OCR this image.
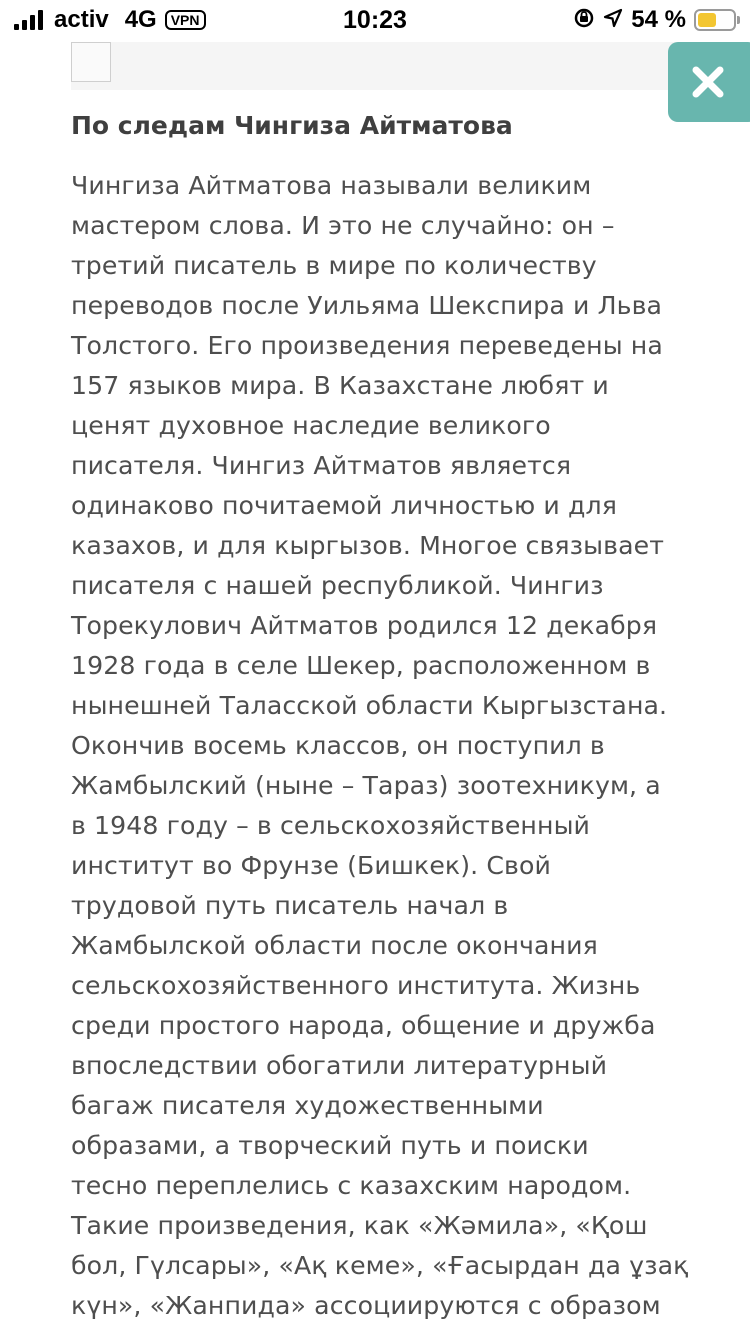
activ 4G	VPN	10:23	54 %
По следам Чингиза Айтматова
Чингиза Айтматова называли великим
мастером слова. И это не случайно: он –
третий писатель в мире по количеству
переводов после Уильяма Шекспира и Льва
Толстого. Его произведения переведены на
157 языков мира. В Казахстане любят и
ценят духовное наследие великого
писателя. Чингиз Айтматов является
одинаково почитаемой личностью и для
казахов, и для кыргызов. Многое связывает
писателя с нашей республикой. Чингиз
Торекулович Айтматов родился 12 декабря
1928 года в селе Шекер, расположенном в
нынешней Таласской области Кыргызстана.
Окончив восемь классов, он поступил в
Жамбылский (ныне – Тараз) зоотехникум, а
в 1948 году – в сельскохозяйственный
институт во Фрунзе (Бишкек). Свой
трудовой путь писатель начал в
Жамбылской области после окончания
сельскохозяйственного института. Жизнь
среди простого народа, общение и дружба
впоследствии обогатили литературный
багаж писателя художественными
образами, а творческий путь и поиски
тесно переплелись с казахским народом.
Такие произведения, как «Жәмила», «Қош
бол, Гүлсары», «Ақ кеме», «Ғасырдан да ұзақ
күн», «Жанпида» ассоциируются с образом
